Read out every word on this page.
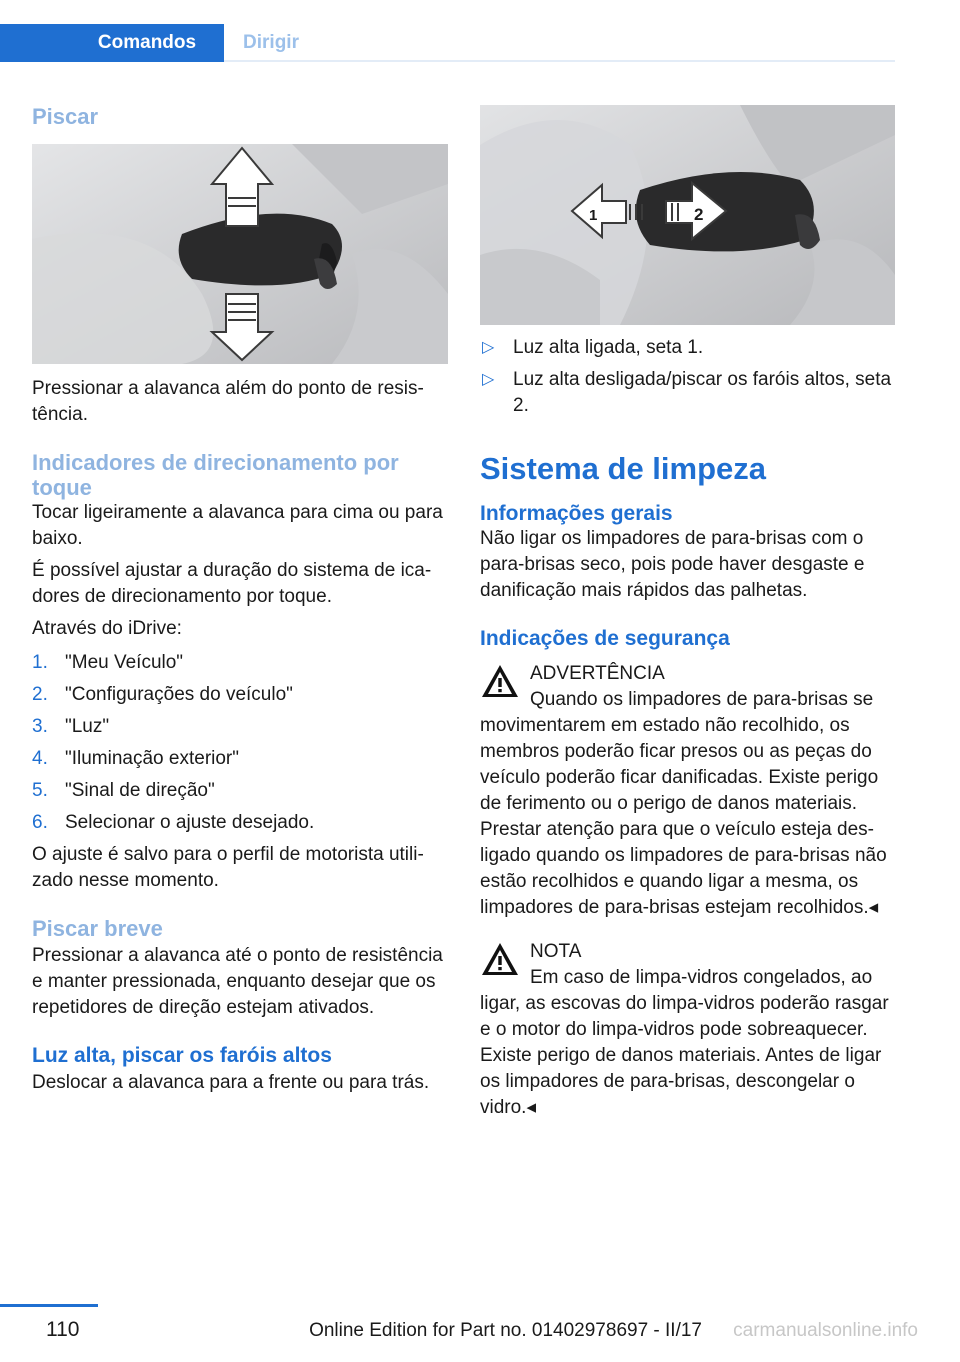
Comandos	Dirigir
Piscar

Pressionar a alavanca além do ponto de resistência.

Indicadores de direcionamento por toque

Tocar ligeiramente a alavanca para cima ou para baixo.

É possível ajustar a duração do sistema de icadores de direcionamento por toque.

Através do iDrive:

1. "Meu Veículo"
2. "Configurações do veículo"
3. "Luz"
4. "Iluminação exterior"
5. "Sinal de direção"
6. Selecionar o ajuste desejado.

O ajuste é salvo para o perfil de motorista utilizado nesse momento.

Piscar breve

Pressionar a alavanca até o ponto de resistência e manter pressionada, enquanto desejar que os repetidores de direção estejam ativados.

Luz alta, piscar os faróis altos

Deslocar a alavanca para a frente ou para trás.

1	2
▷ Luz alta ligada, seta 1.
▷ Luz alta desligada/piscar os faróis altos, seta 2.
Sistema de limpeza
Informações gerais

Não ligar os limpadores de para-brisas com o para-brisas seco, pois pode haver desgaste e danificação mais rápidos das palhetas.

Indicações de segurança
ADVERTÊNCIA
Quando os limpadores de para-brisas se movimentarem em estado não recolhido, os membros poderão ficar presos ou as peças do veículo poderão ficar danificadas. Existe perigo de ferimento ou o perigo de danos materiais. Prestar atenção para que o veículo esteja desligado quando os limpadores de para-brisas não estão recolhidos e quando ligar a mesma, os limpadores de para-brisas estejam recolhidos.◂
NOTA
Em caso de limpa-vidros congelados, ao ligar, as escovas do limpa-vidros poderão rasgar e o motor do limpa-vidros pode sobreaquecer. Existe perigo de danos materiais. Antes de ligar os limpadores de para-brisas, descongelar o vidro.◂
110	Online Edition for Part no. 01402978697 - II/17 carmanualsonline.info
